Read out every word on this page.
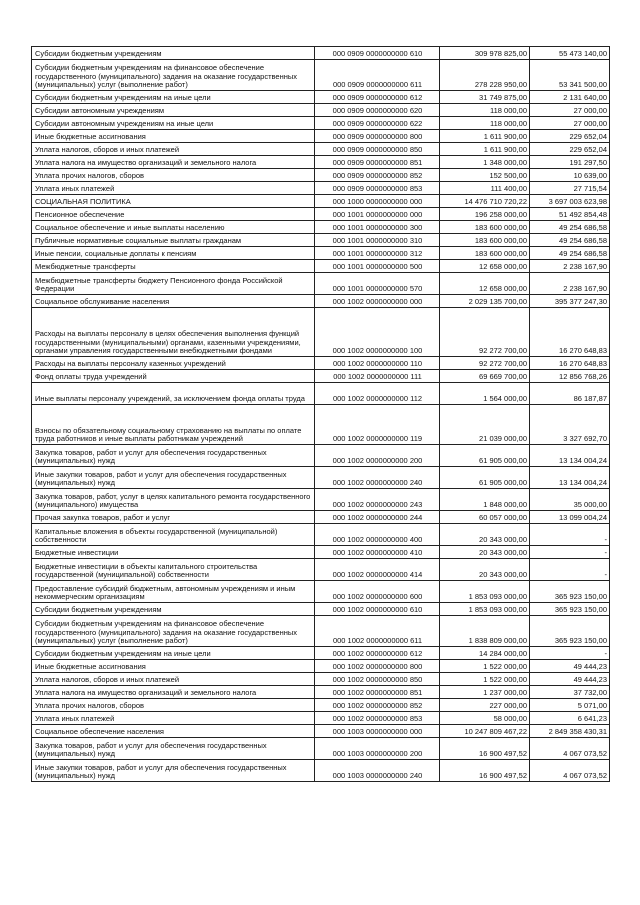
Субсидии бюджетным учреждениям	000 0909 0000000000 610	309 978 825,00	55 473 140,00

Субсидии бюджетным учреждениям на финансовое обеспечение государственного (муниципального) задания на оказание государственных (муниципальных) услуг (выполнение работ)	000 0909 0000000000 611	278 228 950,00	53 341 500,00

Субсидии бюджетным учреждениям на иные цели	000 0909 0000000000 612	31 749 875,00	2 131 640,00

Субсидии автономным учреждениям	000 0909 0000000000 620	118 000,00	27 000,00

Субсидии автономным учреждениям на иные цели	000 0909 0000000000 622	118 000,00	27 000,00

Иные бюджетные ассигнования	000 0909 0000000000 800	1 611 900,00	229 652,04

Уплата налогов, сборов и иных платежей	000 0909 0000000000 850	1 611 900,00	229 652,04

Уплата налога на имущество организаций и земельного налога	000 0909 0000000000 851	1 348 000,00	191 297,50

Уплата прочих налогов, сборов	000 0909 0000000000 852	152 500,00	10 639,00

Уплата иных платежей	000 0909 0000000000 853	111 400,00	27 715,54

СОЦИАЛЬНАЯ ПОЛИТИКА	000 1000 0000000000 000	14 476 710 720,22	3 697 003 623,98

Пенсионное обеспечение	000 1001 0000000000 000	196 258 000,00	51 492 854,48

Социальное обеспечение и иные выплаты населению	000 1001 0000000000 300	183 600 000,00	49 254 686,58

Публичные нормативные социальные выплаты гражданам	000 1001 0000000000 310	183 600 000,00	49 254 686,58

Иные пенсии, социальные доплаты к пенсиям	000 1001 0000000000 312	183 600 000,00	49 254 686,58

Межбюджетные трансферты	000 1001 0000000000 500	12 658 000,00	2 238 167,90

Межбюджетные трансферты бюджету Пенсионного фонда Российской Федерации	000 1001 0000000000 570	12 658 000,00	2 238 167,90

Социальное обслуживание населения	000 1002 0000000000 000	2 029 135 700,00	395 377 247,30

Расходы на выплаты персоналу в целях обеспечения выполнения функций государственными (муниципальными) органами, казенными учреждениями, органами управления государственными внебюджетными фондами	000 1002 0000000000 100	92 272 700,00	16 270 648,83

Расходы на выплаты персоналу казенных учреждений	000 1002 0000000000 110	92 272 700,00	16 270 648,83

Фонд оплаты труда учреждений	000 1002 0000000000 111	69 669 700,00	12 856 768,26

Иные выплаты персоналу учреждений, за исключением фонда оплаты труда	000 1002 0000000000 112	1 564 000,00	86 187,87

Взносы по обязательному социальному страхованию на выплаты по оплате труда работников и иные выплаты работникам учреждений	000 1002 0000000000 119	21 039 000,00	3 327 692,70

Закупка товаров, работ и услуг для обеспечения государственных (муниципальных) нужд	000 1002 0000000000 200	61 905 000,00	13 134 004,24

Иные закупки товаров, работ и услуг для обеспечения государственных (муниципальных) нужд	000 1002 0000000000 240	61 905 000,00	13 134 004,24

Закупка товаров, работ, услуг в целях капитального ремонта государственного (муниципального) имущества	000 1002 0000000000 243	1 848 000,00	35 000,00

Прочая закупка товаров, работ и услуг	000 1002 0000000000 244	60 057 000,00	13 099 004,24

Капитальные вложения в объекты государственной (муниципальной) собственности	000 1002 0000000000 400	20 343 000,00	-

Бюджетные инвестиции	000 1002 0000000000 410	20 343 000,00	-

Бюджетные инвестиции в объекты капитального строительства государственной (муниципальной) собственности	000 1002 0000000000 414	20 343 000,00	-

Предоставление субсидий бюджетным, автономным учреждениям и иным некоммерческим организациям	000 1002 0000000000 600	1 853 093 000,00	365 923 150,00

Субсидии бюджетным учреждениям	000 1002 0000000000 610	1 853 093 000,00	365 923 150,00

Субсидии бюджетным учреждениям на финансовое обеспечение государственного (муниципального) задания на оказание государственных (муниципальных) услуг (выполнение работ)	000 1002 0000000000 611	1 838 809 000,00	365 923 150,00

Субсидии бюджетным учреждениям на иные цели	000 1002 0000000000 612	14 284 000,00	-

Иные бюджетные ассигнования	000 1002 0000000000 800	1 522 000,00	49 444,23

Уплата налогов, сборов и иных платежей	000 1002 0000000000 850	1 522 000,00	49 444,23

Уплата налога на имущество организаций и земельного налога	000 1002 0000000000 851	1 237 000,00	37 732,00

Уплата прочих налогов, сборов	000 1002 0000000000 852	227 000,00	5 071,00

Уплата иных платежей	000 1002 0000000000 853	58 000,00	6 641,23

Социальное обеспечение населения	000 1003 0000000000 000	10 247 809 467,22	2 849 358 430,31

Закупка товаров, работ и услуг для обеспечения государственных (муниципальных) нужд	000 1003 0000000000 200	16 900 497,52	4 067 073,52

Иные закупки товаров, работ и услуг для обеспечения государственных (муниципальных) нужд	000 1003 0000000000 240	16 900 497,52	4 067 073,52
